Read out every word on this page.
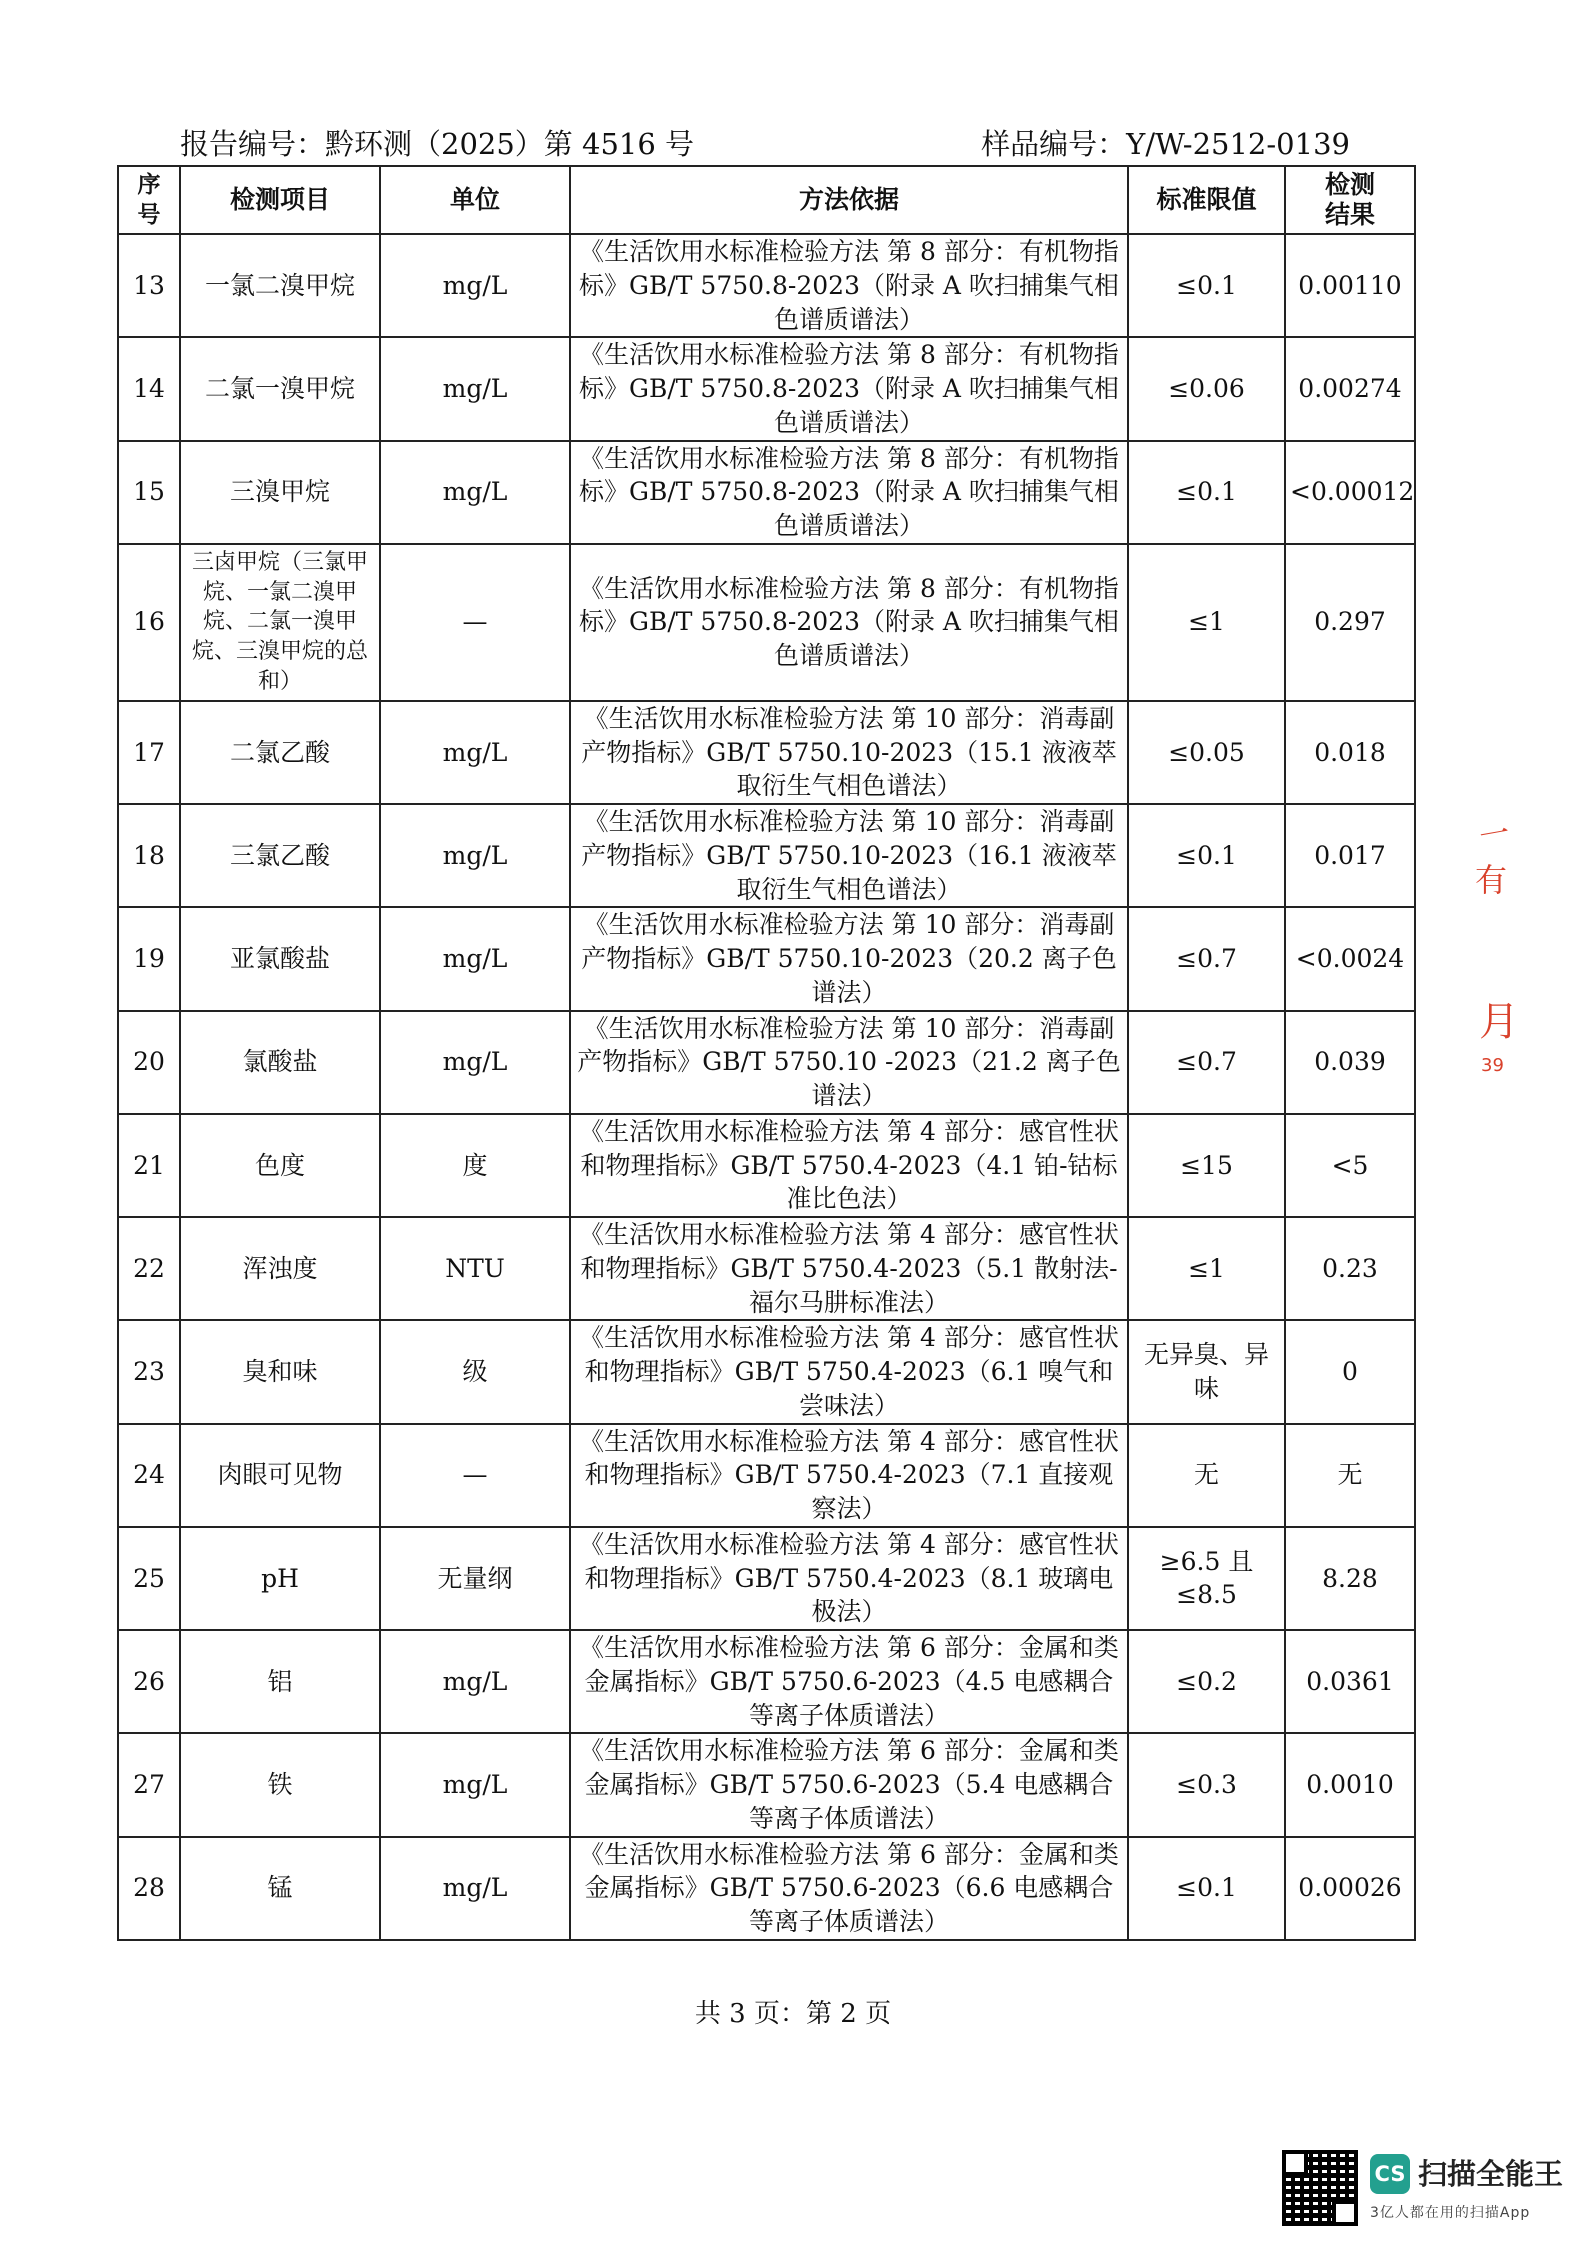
报告编号：黔环测（2025）第 4516 号	样品编号：Y/W-2512-0139
序
号	检测项目	单位	方法依据	标准限值	检测
结果
13	一氯二溴甲烷	mg/L	《生活饮用水标准检验方法 第 8 部分：有机物指标》GB/T 5750.8-2023（附录 A 吹扫捕集气相色谱质谱法）	≤0.1	0.00110
14	二氯一溴甲烷	mg/L	《生活饮用水标准检验方法 第 8 部分：有机物指标》GB/T 5750.8-2023（附录 A 吹扫捕集气相色谱质谱法）	≤0.06	0.00274
15	三溴甲烷	mg/L	《生活饮用水标准检验方法 第 8 部分：有机物指标》GB/T 5750.8-2023（附录 A 吹扫捕集气相色谱质谱法）	≤0.1	<0.00012
16	三卤甲烷（三氯甲烷、一氯二溴甲烷、二氯一溴甲烷、三溴甲烷的总和）	—	《生活饮用水标准检验方法 第 8 部分：有机物指标》GB/T 5750.8-2023（附录 A 吹扫捕集气相色谱质谱法）	≤1	0.297
17	二氯乙酸	mg/L	《生活饮用水标准检验方法 第 10 部分：消毒副产物指标》GB/T 5750.10-2023（15.1 液液萃取衍生气相色谱法）	≤0.05	0.018
18	三氯乙酸	mg/L	《生活饮用水标准检验方法 第 10 部分：消毒副产物指标》GB/T 5750.10-2023（16.1 液液萃取衍生气相色谱法）	≤0.1	0.017
19	亚氯酸盐	mg/L	《生活饮用水标准检验方法 第 10 部分：消毒副产物指标》GB/T 5750.10-2023（20.2 离子色谱法）	≤0.7	<0.0024
20	氯酸盐	mg/L	《生活饮用水标准检验方法 第 10 部分：消毒副产物指标》GB/T 5750.10 -2023（21.2 离子色谱法）	≤0.7	0.039
21	色度	度	《生活饮用水标准检验方法 第 4 部分：感官性状和物理指标》GB/T 5750.4-2023（4.1 铂-钴标准比色法）	≤15	<5
22	浑浊度	NTU	《生活饮用水标准检验方法 第 4 部分：感官性状和物理指标》GB/T 5750.4-2023（5.1 散射法-福尔马肼标准法）	≤1	0.23
23	臭和味	级	《生活饮用水标准检验方法 第 4 部分：感官性状和物理指标》GB/T 5750.4-2023（6.1 嗅气和尝味法）	无异臭、异味	0
24	肉眼可见物	—	《生活饮用水标准检验方法 第 4 部分：感官性状和物理指标》GB/T 5750.4-2023（7.1 直接观察法）	无	无
25	pH	无量纲	《生活饮用水标准检验方法 第 4 部分：感官性状和物理指标》GB/T 5750.4-2023（8.1 玻璃电极法）	≥6.5 且≤8.5	8.28
26	铝	mg/L	《生活饮用水标准检验方法 第 6 部分：金属和类金属指标》GB/T 5750.6-2023（4.5 电感耦合等离子体质谱法）	≤0.2	0.0361
27	铁	mg/L	《生活饮用水标准检验方法 第 6 部分：金属和类金属指标》GB/T 5750.6-2023（5.4 电感耦合等离子体质谱法）	≤0.3	0.0010
28	锰	mg/L	《生活饮用水标准检验方法 第 6 部分：金属和类金属指标》GB/T 5750.6-2023（6.6 电感耦合等离子体质谱法）	≤0.1	0.00026
共 3 页：第 2 页
一
有
月
39
CS 扫描全能王
3亿人都在用的扫描App
